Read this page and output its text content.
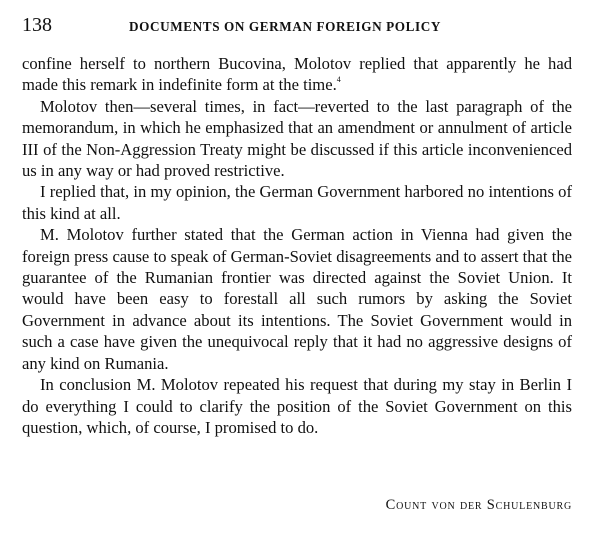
138	DOCUMENTS ON GERMAN FOREIGN POLICY

confine herself to northern Bucovina, Molotov replied that apparently he had made this remark in indefinite form at the time.$^4$

Molotov then—several times, in fact—reverted to the last paragraph of the memorandum, in which he emphasized that an amendment or annulment of article III of the Non-Aggression Treaty might be discussed if this article inconvenienced us in any way or had proved restrictive.

I replied that, in my opinion, the German Government harbored no intentions of this kind at all.

M. Molotov further stated that the German action in Vienna had given the foreign press cause to speak of German-Soviet disagreements and to assert that the guarantee of the Rumanian frontier was directed against the Soviet Union. It would have been easy to forestall all such rumors by asking the Soviet Government in advance about its intentions. The Soviet Government would in such a case have given the unequivocal reply that it had no aggressive designs of any kind on Rumania.

In conclusion M. Molotov repeated his request that during my stay in Berlin I do everything I could to clarify the position of the Soviet Government on this question, which, of course, I promised to do.

Count von der Schulenburg
